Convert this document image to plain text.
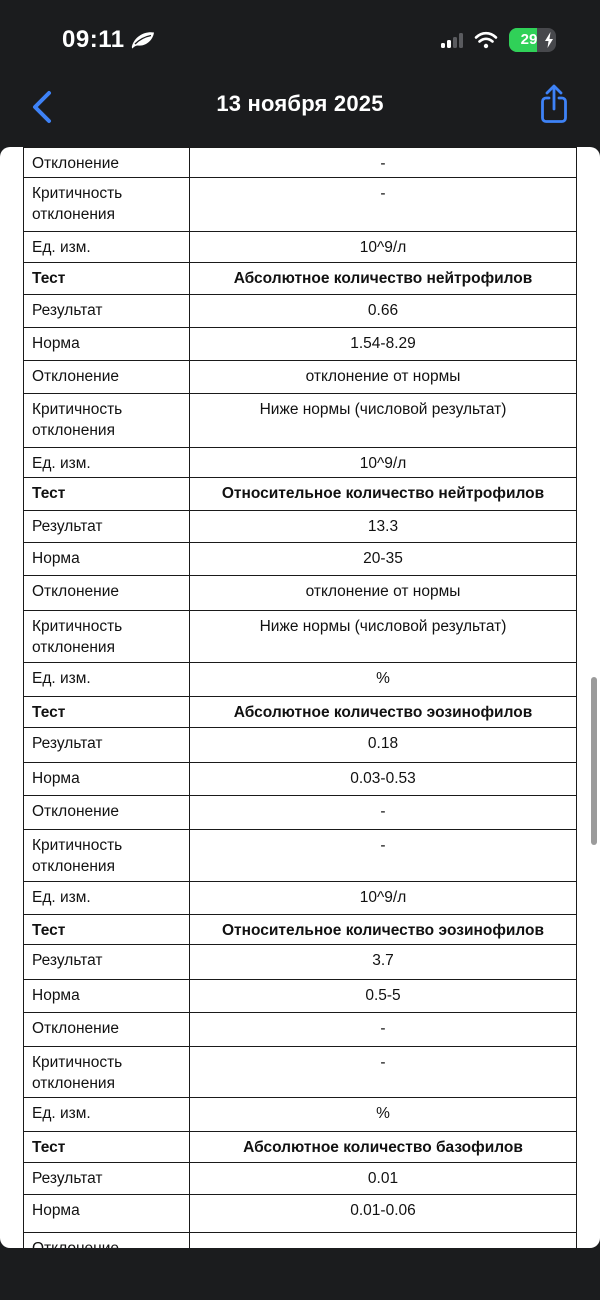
09:11	29
13 ноября 2025
Отклонение	-
Критичность отклонения	-
Ед. изм.	10^9/л
Тест	Абсолютное количество нейтрофилов
Результат	0.66
Норма	1.54-8.29
Отклонение	отклонение от нормы
Критичность отклонения	Ниже нормы (числовой результат)
Ед. изм.	10^9/л
Тест	Относительное количество нейтрофилов
Результат	13.3
Норма	20-35
Отклонение	отклонение от нормы
Критичность отклонения	Ниже нормы (числовой результат)
Ед. изм.	%
Тест	Абсолютное количество эозинофилов
Результат	0.18
Норма	0.03-0.53
Отклонение	-
Критичность отклонения	-
Ед. изм.	10^9/л
Тест	Относительное количество эозинофилов
Результат	3.7
Норма	0.5-5
Отклонение	-
Критичность отклонения	-
Ед. изм.	%
Тест	Абсолютное количество базофилов
Результат	0.01
Норма	0.01-0.06
